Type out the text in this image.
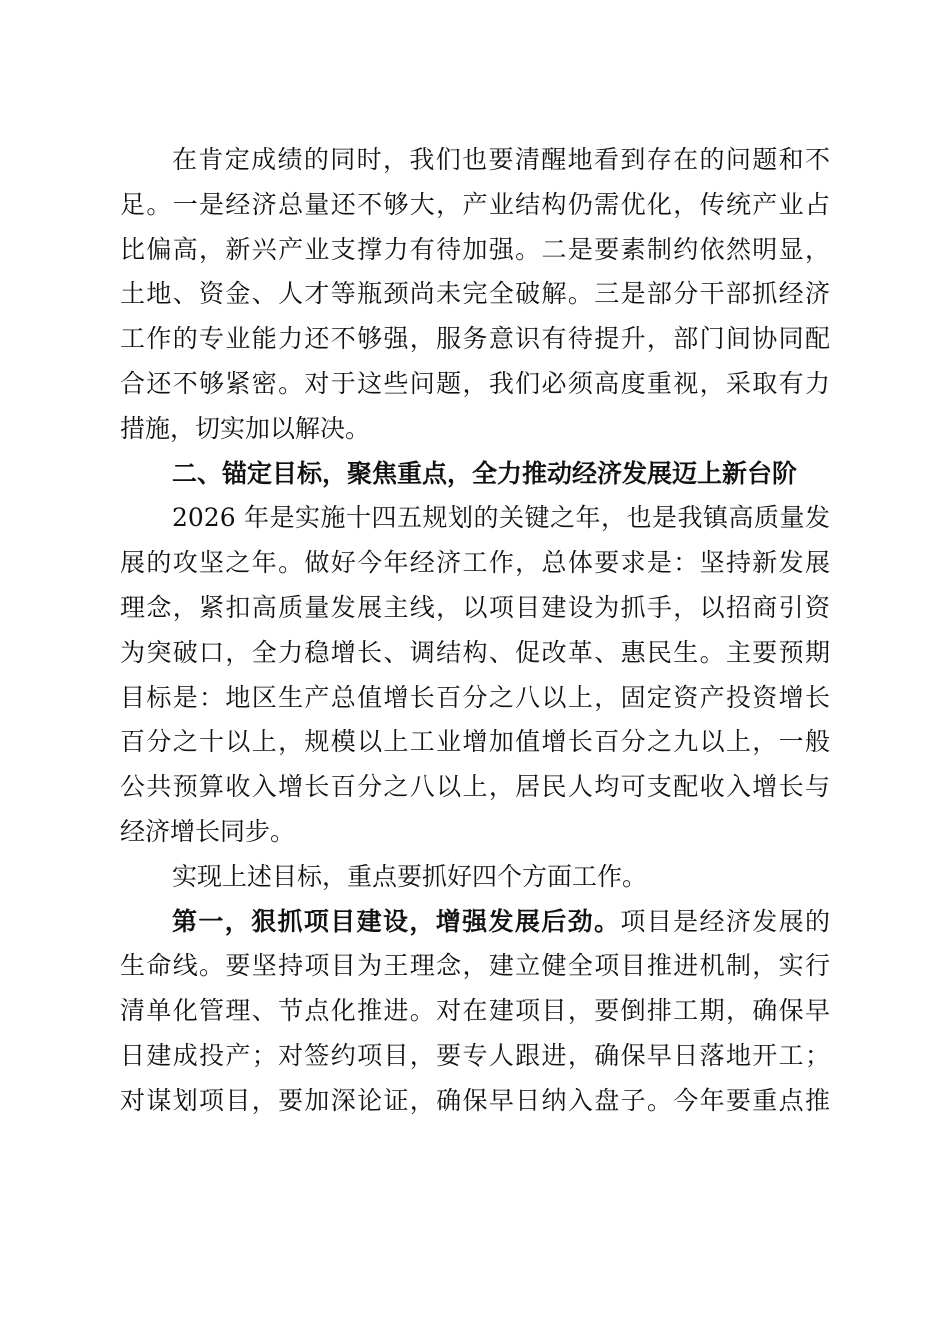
在肯定成绩的同时，我们也要清醒地看到存在的问题和不
足。一是经济总量还不够大，产业结构仍需优化，传统产业占
比偏高，新兴产业支撑力有待加强。二是要素制约依然明显，
土地、资金、人才等瓶颈尚未完全破解。三是部分干部抓经济
工作的专业能力还不够强，服务意识有待提升，部门间协同配
合还不够紧密。对于这些问题，我们必须高度重视，采取有力
措施，切实加以解决。
二、锚定目标，聚焦重点，全力推动经济发展迈上新台阶
2026 年是实施十四五规划的关键之年，也是我镇高质量发
展的攻坚之年。做好今年经济工作，总体要求是：坚持新发展
理念，紧扣高质量发展主线，以项目建设为抓手，以招商引资
为突破口，全力稳增长、调结构、促改革、惠民生。主要预期
目标是：地区生产总值增长百分之八以上，固定资产投资增长
百分之十以上，规模以上工业增加值增长百分之九以上，一般
公共预算收入增长百分之八以上，居民人均可支配收入增长与
经济增长同步。
实现上述目标，重点要抓好四个方面工作。
第一，狠抓项目建设，增强发展后劲。项目是经济发展的
生命线。要坚持项目为王理念，建立健全项目推进机制，实行
清单化管理、节点化推进。对在建项目，要倒排工期，确保早
日建成投产；对签约项目，要专人跟进，确保早日落地开工；
对谋划项目，要加深论证，确保早日纳入盘子。今年要重点推
